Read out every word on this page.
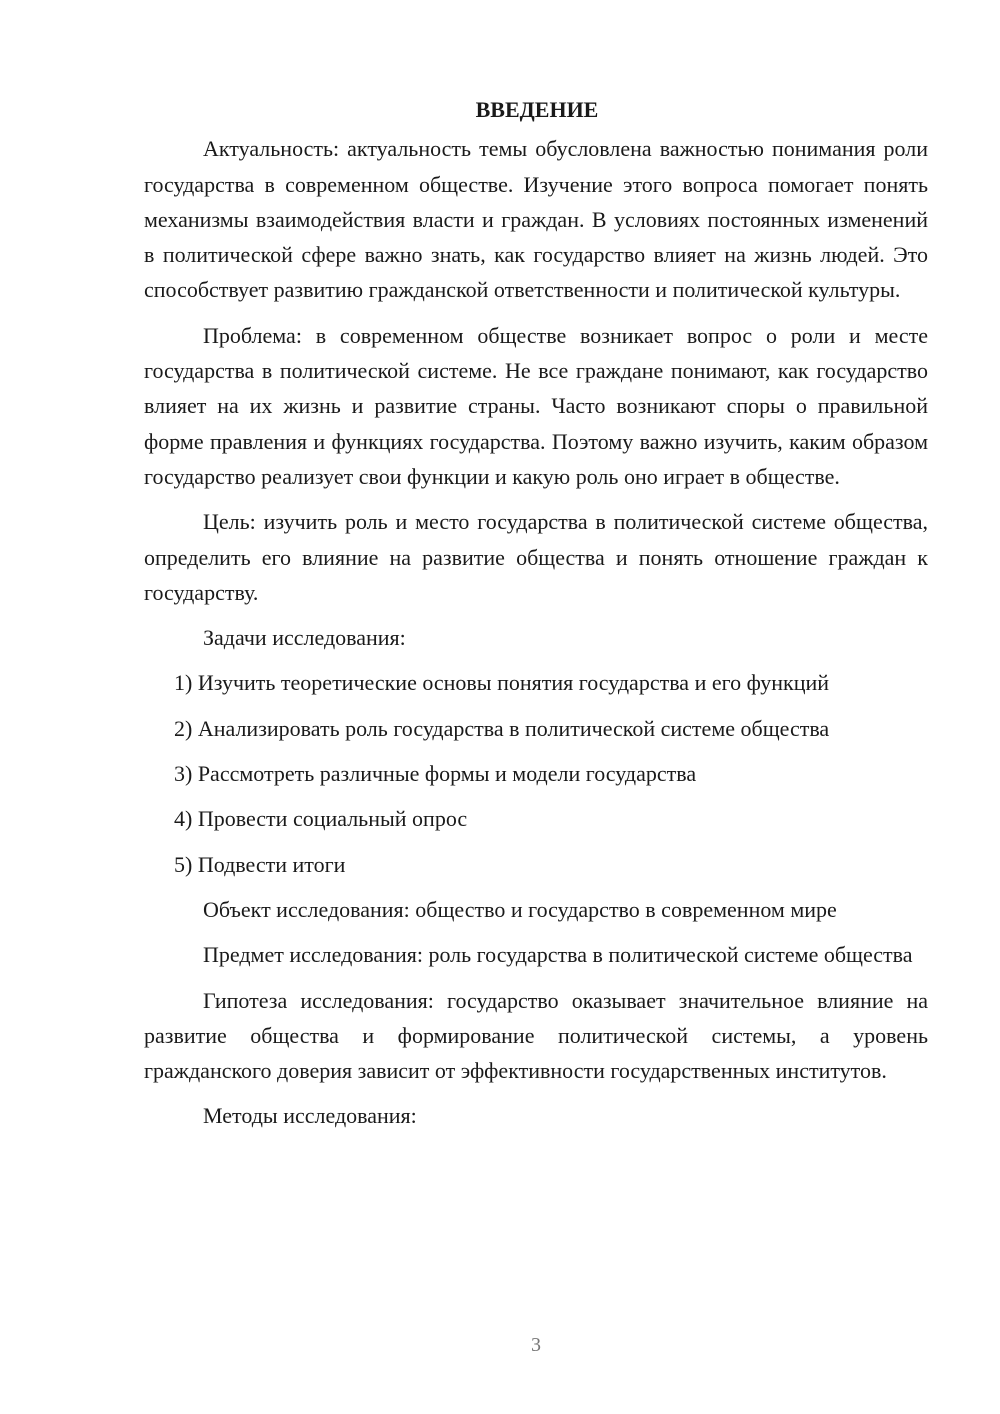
ВВЕДЕНИЕ

Актуальность: актуальность темы обусловлена важностью понимания роли государства в современном обществе. Изучение этого вопроса помогает понять механизмы взаимодействия власти и граждан. В условиях постоянных изменений в политической сфере важно знать, как государство влияет на жизнь людей. Это способствует развитию гражданской ответственности и политической культуры.

Проблема: в современном обществе возникает вопрос о роли и месте государства в политической системе. Не все граждане понимают, как государство влияет на их жизнь и развитие страны. Часто возникают споры о правильной форме правления и функциях государства. Поэтому важно изучить, каким образом государство реализует свои функции и какую роль оно играет в обществе.

Цель: изучить роль и место государства в политической системе общества, определить его влияние на развитие общества и понять отношение граждан к государству.

Задачи исследования:
1) Изучить теоретические основы понятия государства и его функций
2) Анализировать роль государства в политической системе общества
3) Рассмотреть различные формы и модели государства
4) Провести социальный опрос
5) Подвести итоги
Объект исследования: общество и государство в современном мире

Предмет исследования: роль государства в политической системе общества

Гипотеза исследования: государство оказывает значительное влияние на развитие общества и формирование политической системы, а уровень гражданского доверия зависит от эффективности государственных институтов.

Методы исследования:
3
